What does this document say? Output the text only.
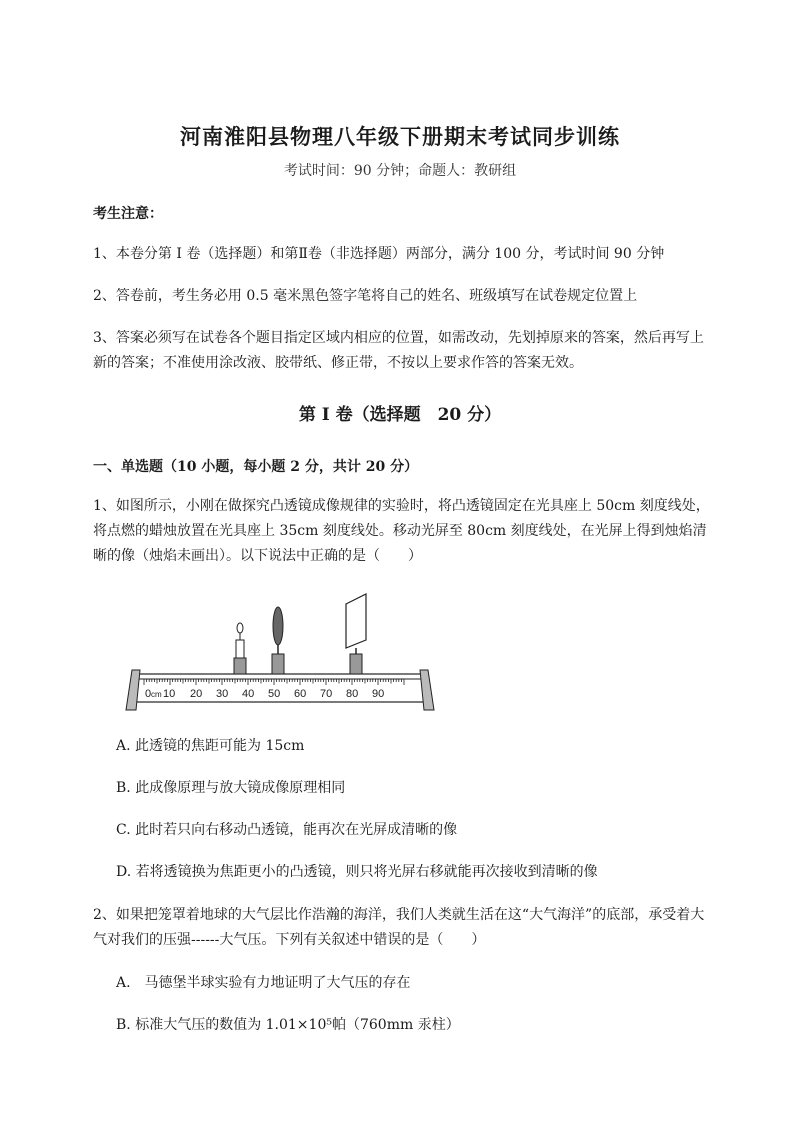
河南淮阳县物理八年级下册期末考试同步训练
考试时间：90 分钟；命题人：教研组
考生注意：
1、本卷分第 I 卷（选择题）和第Ⅱ卷（非选择题）两部分，满分 100 分，考试时间 90 分钟
2、答卷前，考生务必用 0.5 毫米黑色签字笔将自己的姓名、班级填写在试卷规定位置上
3、答案必须写在试卷各个题目指定区域内相应的位置，如需改动，先划掉原来的答案，然后再写上新的答案；不准使用涂改液、胶带纸、修正带，不按以上要求作答的答案无效。
第 I 卷（选择题　20 分）
一、单选题（10 小题，每小题 2 分，共计 20 分）
1、如图所示，小刚在做探究凸透镜成像规律的实验时，将凸透镜固定在光具座上 50cm 刻度线处，将点燃的蜡烛放置在光具座上 35cm 刻度线处。移动光屏至 80cm 刻度线处，在光屏上得到烛焰清晰的像（烛焰未画出）。以下说法中正确的是（　　）
0 cm 10 20 30 40 50 60 70 80 90
A. 此透镜的焦距可能为 15cm
B. 此成像原理与放大镜成像原理相同
C. 此时若只向右移动凸透镜，能再次在光屏成清晰的像
D. 若将透镜换为焦距更小的凸透镜，则只将光屏右移就能再次接收到清晰的像
2、如果把笼罩着地球的大气层比作浩瀚的海洋，我们人类就生活在这“大气海洋”的底部，承受着大气对我们的压强------大气压。下列有关叙述中错误的是（　　）
A.　马德堡半球实验有力地证明了大气压的存在
B. 标准大气压的数值为 1.01×10⁵帕（760mm 汞柱）
